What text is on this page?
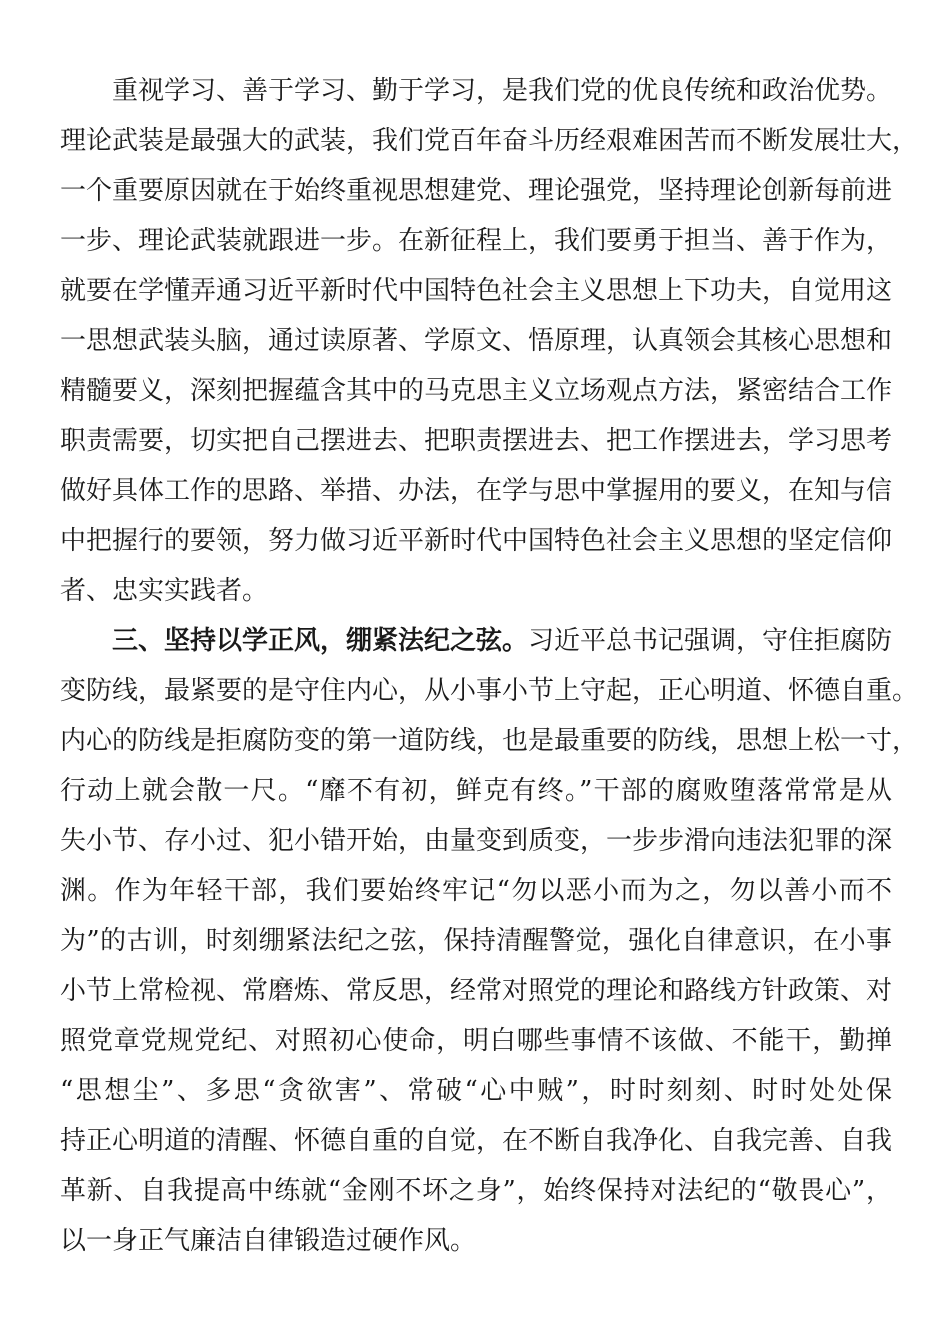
重视学习、善于学习、勤于学习，是我们党的优良传统和政治优势。
理论武装是最强大的武装，我们党百年奋斗历经艰难困苦而不断发展壮大，
一个重要原因就在于始终重视思想建党、理论强党，坚持理论创新每前进
一步、理论武装就跟进一步。在新征程上，我们要勇于担当、善于作为，
就要在学懂弄通习近平新时代中国特色社会主义思想上下功夫，自觉用这
一思想武装头脑，通过读原著、学原文、悟原理，认真领会其核心思想和
精髓要义，深刻把握蕴含其中的马克思主义立场观点方法，紧密结合工作
职责需要，切实把自己摆进去、把职责摆进去、把工作摆进去，学习思考
做好具体工作的思路、举措、办法，在学与思中掌握用的要义，在知与信
中把握行的要领，努力做习近平新时代中国特色社会主义思想的坚定信仰
者、忠实实践者。
三、坚持以学正风，绷紧法纪之弦。习近平总书记强调，守住拒腐防
变防线，最紧要的是守住内心，从小事小节上守起，正心明道、怀德自重。
内心的防线是拒腐防变的第一道防线，也是最重要的防线，思想上松一寸，
行动上就会散一尺。“靡不有初，鲜克有终。”干部的腐败堕落常常是从
失小节、存小过、犯小错开始，由量变到质变，一步步滑向违法犯罪的深
渊。作为年轻干部，我们要始终牢记“勿以恶小而为之，勿以善小而不
为”的古训，时刻绷紧法纪之弦，保持清醒警觉，强化自律意识，在小事
小节上常检视、常磨炼、常反思，经常对照党的理论和路线方针政策、对
照党章党规党纪、对照初心使命，明白哪些事情不该做、不能干，勤掸
“思想尘”、多思“贪欲害”、常破“心中贼”，时时刻刻、时时处处保
持正心明道的清醒、怀德自重的自觉，在不断自我净化、自我完善、自我
革新、自我提高中练就“金刚不坏之身”，始终保持对法纪的“敬畏心”，
以一身正气廉洁自律锻造过硬作风。
